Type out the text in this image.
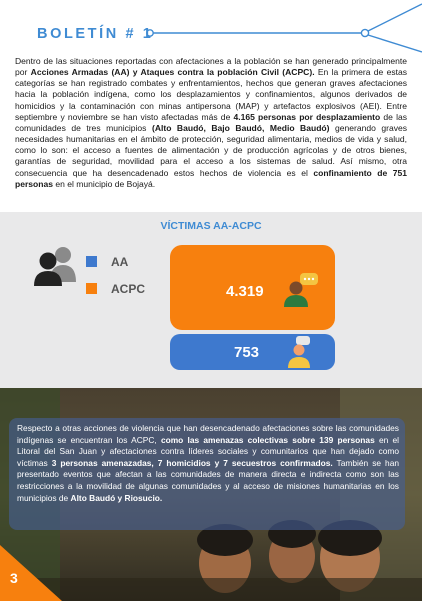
BOLETÍN # 1

Dentro de las situaciones reportadas con afectaciones a la población se han generado principalmente por Acciones Armadas (AA) y Ataques contra la población Civil (ACPC). En la primera de estas categorías se han registrado combates y enfrentamientos, hechos que generan graves afectaciones hacia la población indígena, como los desplazamientos y confinamientos, algunos derivados de homicidios y la contaminación con minas antipersona (MAP) y artefactos explosivos (AEI). Entre septiembre y noviembre se han visto afectadas más de 4.165 personas por desplazamiento de las comunidades de tres municipios (Alto Baudó, Bajo Baudó, Medio Baudó) generando graves necesidades humanitarias en el ámbito de protección, seguridad alimentaria, medios de vida y salud, como lo son: el acceso a fuentes de alimentación y de producción agrícolas y de otros bienes, garantías de seguridad, movilidad para el acceso a los sistemas de salud. Así mismo, otra consecuencia que ha desencadenado estos hechos de violencia es el confinamiento de 751 personas en el municipio de Bojayá.

VÍCTIMAS AA-ACPC
AA
ACPC	4.319
753

Respecto a otras acciones de violencia que han desencadenado afectaciones sobre las comunidades indígenas se encuentran los ACPC, como las amenazas colectivas sobre 139 personas en el Litoral del San Juan y afectaciones contra líderes sociales y comunitarios que han dejado como víctimas 3 personas amenazadas, 7 homicidios y 7 secuestros confirmados. También se han presentado eventos que afectan a las comunidades de manera directa e indirecta como son las restricciones a la movilidad de algunas comunidades y al acceso de misiones humanitarias en los municipios de Alto Baudó y Riosucio.

3
